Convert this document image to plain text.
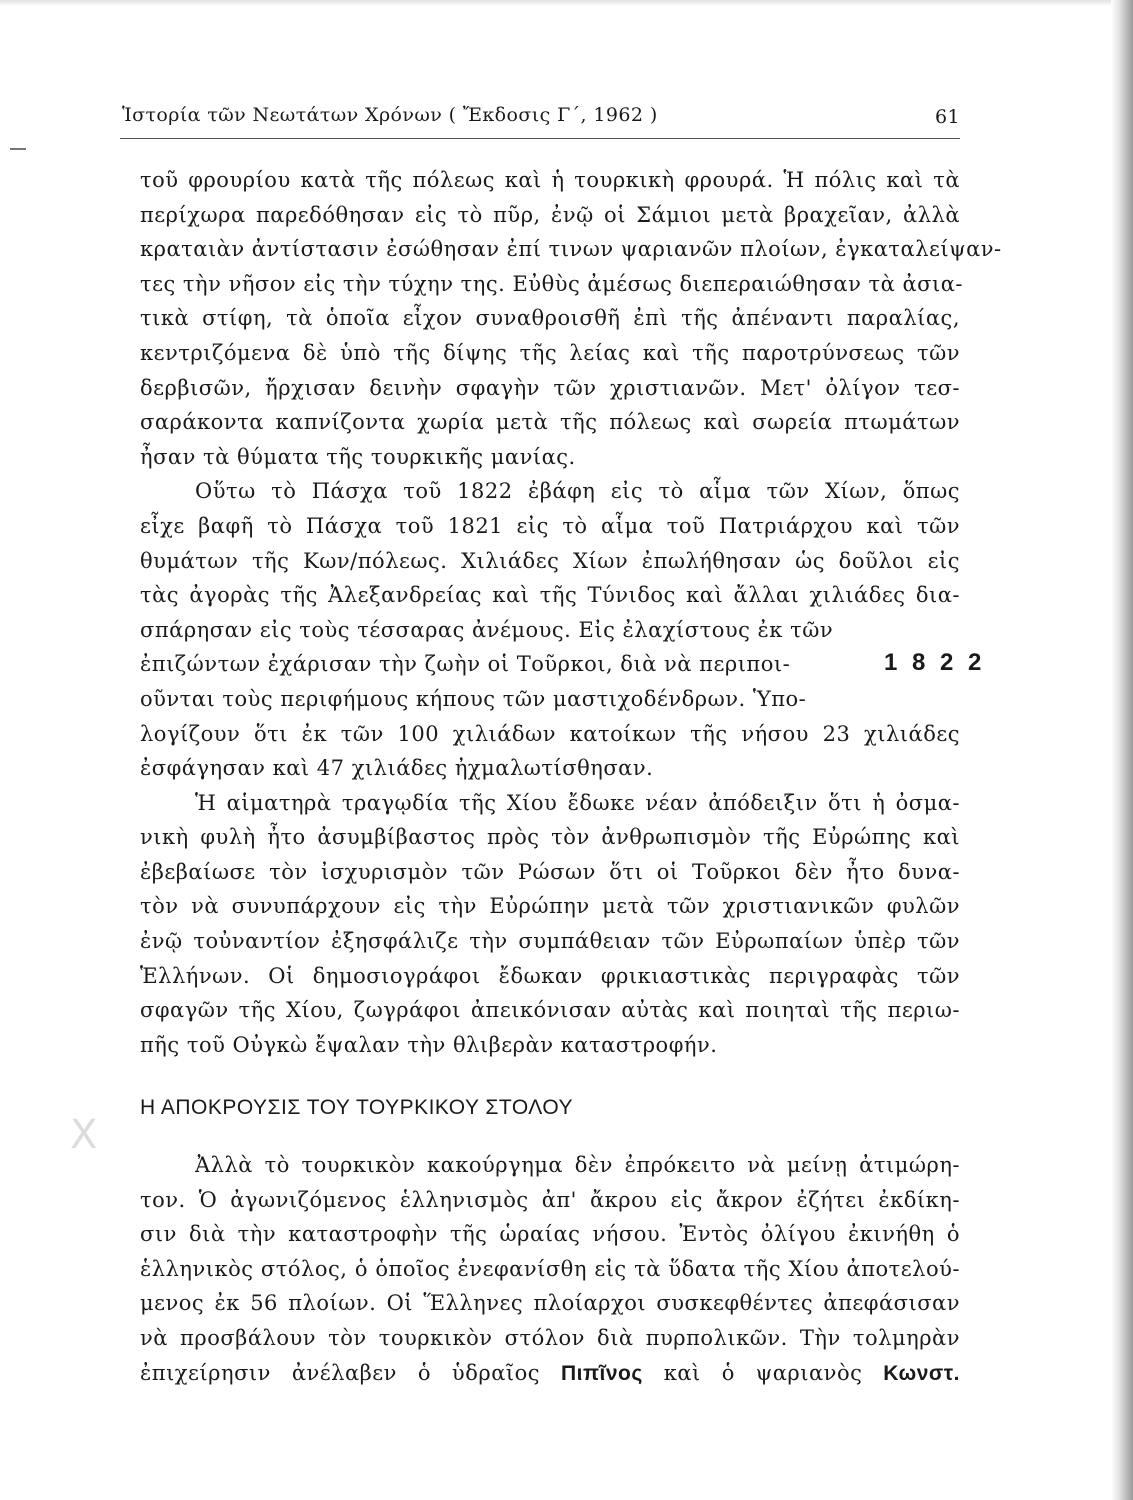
X
Ἱστορία τῶν Νεωτάτων Χρόνων ( Ἔκδοσις Γ΄, 1962 )	61
τοῦ φρουρίου κατὰ τῆς πόλεως καὶ ἡ τουρκικὴ φρουρά. Ἡ πόλις καὶ τὰ
περίχωρα παρεδόθησαν εἰς τὸ πῦρ, ἐνῷ οἱ Σάμιοι μετὰ βραχεῖαν, ἀλλὰ
κραταιὰν ἀντίστασιν ἐσώθησαν ἐπί τινων ψαριανῶν πλοίων, ἐγκαταλείψαν-
τες τὴν νῆσον εἰς τὴν τύχην της. Εὐθὺς ἀμέσως διεπεραιώθησαν τὰ ἀσια-
τικὰ στίφη, τὰ ὁποῖα εἶχον συναθροισθῆ ἐπὶ τῆς ἀπέναντι παραλίας,
κεντριζόμενα δὲ ὑπὸ τῆς δίψης τῆς λείας καὶ τῆς παροτρύνσεως τῶν
δερβισῶν, ἤρχισαν δεινὴν σφαγὴν τῶν χριστιανῶν. Μετ' ὀλίγον τεσ-
σαράκοντα καπνίζοντα χωρία μετὰ τῆς πόλεως καὶ σωρεία πτωμάτων
ἦσαν τὰ θύματα τῆς τουρκικῆς μανίας.
Οὕτω τὸ Πάσχα τοῦ 1822 ἐβάφη εἰς τὸ αἷμα τῶν Χίων, ὅπως
εἶχε βαφῆ τὸ Πάσχα τοῦ 1821 εἰς τὸ αἷμα τοῦ Πατριάρχου καὶ τῶν
θυμάτων τῆς Κων/πόλεως. Χιλιάδες Χίων ἐπωλήθησαν ὡς δοῦλοι εἰς
τὰς ἀγορὰς τῆς Ἀλεξανδρείας καὶ τῆς Τύνιδος καὶ ἄλλαι χιλιάδες δια-
σπάρησαν εἰς τοὺς τέσσαρας ἀνέμους. Εἰς ἐλαχίστους ἐκ τῶν
ἐπιζώντων ἐχάρισαν τὴν ζωὴν οἱ Τοῦρκοι, διὰ νὰ περιποι-
οῦνται τοὺς περιφήμους κήπους τῶν μαστιχοδένδρων. Ὑπο-
λογίζουν ὅτι ἐκ τῶν 100 χιλιάδων κατοίκων τῆς νήσου 23 χιλιάδες
ἐσφάγησαν καὶ 47 χιλιάδες ἠχμαλωτίσθησαν.
Ἡ αἱματηρὰ τραγῳδία τῆς Χίου ἔδωκε νέαν ἀπόδειξιν ὅτι ἡ ὀσμα-
νικὴ φυλὴ ἦτο ἀσυμβίβαστος πρὸς τὸν ἀνθρωπισμὸν τῆς Εὐρώπης καὶ
ἐβεβαίωσε τὸν ἰσχυρισμὸν τῶν Ρώσων ὅτι οἱ Τοῦρκοι δὲν ἦτο δυνα-
τὸν νὰ συνυπάρχουν εἰς τὴν Εὐρώπην μετὰ τῶν χριστιανικῶν φυλῶν
ἐνῷ τοὐναντίον ἐξησφάλιζε τὴν συμπάθειαν τῶν Εὐρωπαίων ὑπὲρ τῶν
Ἑλλήνων. Οἱ δημοσιογράφοι ἔδωκαν φρικιαστικὰς περιγραφὰς τῶν
σφαγῶν τῆς Χίου, ζωγράφοι ἀπεικόνισαν αὐτὰς καὶ ποιηταὶ τῆς περιω-
πῆς τοῦ Οὐγκὼ ἔψαλαν τὴν θλιβερὰν καταστροφήν.
1 8 2 2
Η ΑΠΟΚΡΟΥΣΙΣ ΤΟΥ ΤΟΥΡΚΙΚΟΥ ΣΤΟΛΟΥ
Ἀλλὰ τὸ τουρκικὸν κακούργημα δὲν ἐπρόκειτο νὰ μείνῃ ἀτιμώρη-
τον. Ὁ ἀγωνιζόμενος ἑλληνισμὸς ἀπ' ἄκρου εἰς ἄκρον ἐζήτει ἐκδίκη-
σιν διὰ τὴν καταστροφὴν τῆς ὡραίας νήσου. Ἐντὸς ὀλίγου ἐκινήθη ὁ
ἑλληνικὸς στόλος, ὁ ὁποῖος ἐνεφανίσθη εἰς τὰ ὕδατα τῆς Χίου ἀποτελού-
μενος ἐκ 56 πλοίων. Οἱ Ἕλληνες πλοίαρχοι συσκεφθέντες ἀπεφάσισαν
νὰ προσβάλουν τὸν τουρκικὸν στόλον διὰ πυρπολικῶν. Τὴν τολμηρὰν
ἐπιχείρησιν ἀνέλαβεν ὁ ὑδραῖος Πιπῖνος καὶ ὁ ψαριανὸς Κωνστ.
